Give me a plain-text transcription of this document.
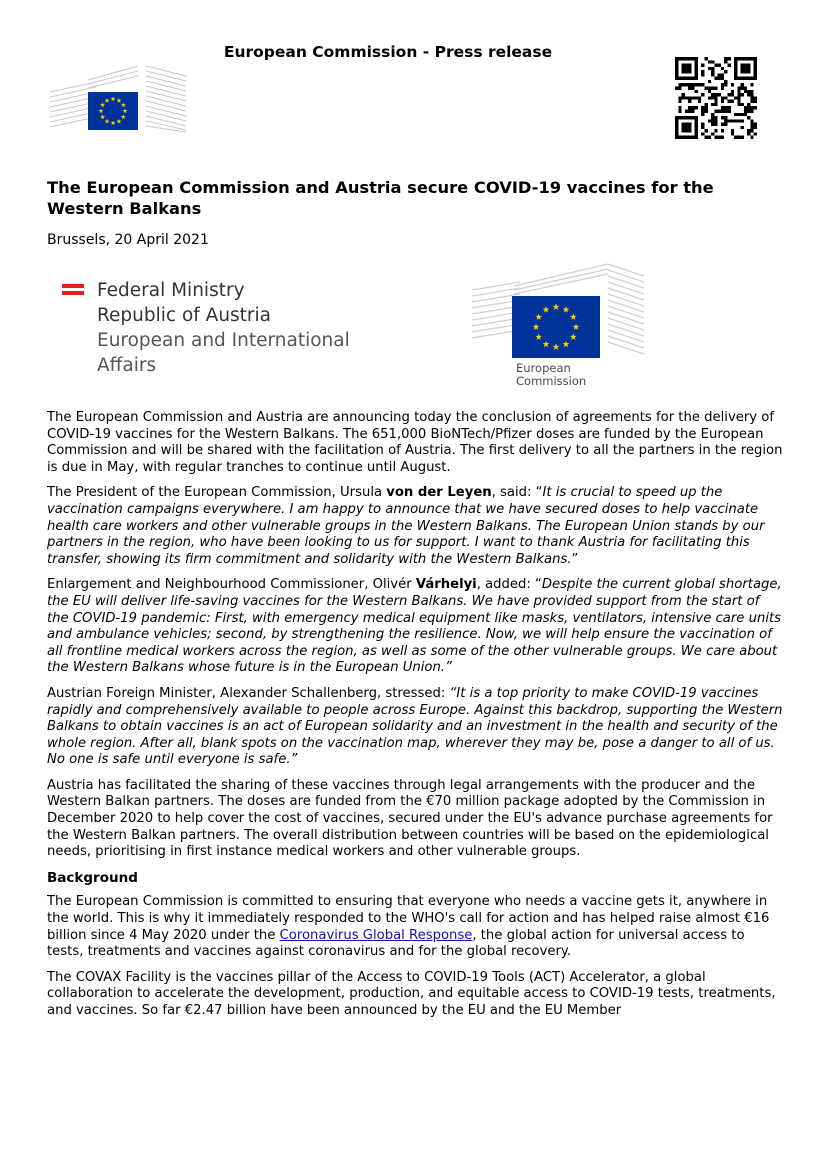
European Commission - Press release
The European Commission and Austria secure COVID-19 vaccines for the Western Balkans
Brussels, 20 April 2021
Federal Ministry
Republic of Austria
European and International
Affairs	European
Commission

The European Commission and Austria are announcing today the conclusion of agreements for the delivery of COVID-19 vaccines for the Western Balkans. The 651,000 BioNTech/Pfizer doses are funded by the European Commission and will be shared with the facilitation of Austria. The first delivery to all the partners in the region is due in May, with regular tranches to continue until August.

The President of the European Commission, Ursula von der Leyen, said: “It is crucial to speed up the vaccination campaigns everywhere. I am happy to announce that we have secured doses to help vaccinate health care workers and other vulnerable groups in the Western Balkans. The European Union stands by our partners in the region, who have been looking to us for support. I want to thank Austria for facilitating this transfer, showing its firm commitment and solidarity with the Western Balkans.”

Enlargement and Neighbourhood Commissioner, Olivér Várhelyi, added: “Despite the current global shortage, the EU will deliver life-saving vaccines for the Western Balkans. We have provided support from the start of the COVID-19 pandemic: First, with emergency medical equipment like masks, ventilators, intensive care units and ambulance vehicles; second, by strengthening the resilience. Now, we will help ensure the vaccination of all frontline medical workers across the region, as well as some of the other vulnerable groups. We care about the Western Balkans whose future is in the European Union.”

Austrian Foreign Minister, Alexander Schallenberg, stressed: “It is a top priority to make COVID-19 vaccines rapidly and comprehensively available to people across Europe. Against this backdrop, supporting the Western Balkans to obtain vaccines is an act of European solidarity and an investment in the health and security of the whole region. After all, blank spots on the vaccination map, wherever they may be, pose a danger to all of us. No one is safe until everyone is safe.”

Austria has facilitated the sharing of these vaccines through legal arrangements with the producer and the Western Balkan partners. The doses are funded from the €70 million package adopted by the Commission in December 2020 to help cover the cost of vaccines, secured under the EU's advance purchase agreements for the Western Balkan partners. The overall distribution between countries will be based on the epidemiological needs, prioritising in first instance medical workers and other vulnerable groups.

Background

The European Commission is committed to ensuring that everyone who needs a vaccine gets it, anywhere in the world. This is why it immediately responded to the WHO's call for action and has helped raise almost €16 billion since 4 May 2020 under the Coronavirus Global Response, the global action for universal access to tests, treatments and vaccines against coronavirus and for the global recovery.

The COVAX Facility is the vaccines pillar of the Access to COVID-19 Tools (ACT) Accelerator, a global collaboration to accelerate the development, production, and equitable access to COVID-19 tests, treatments, and vaccines. So far €2.47 billion have been announced by the EU and the EU Member
